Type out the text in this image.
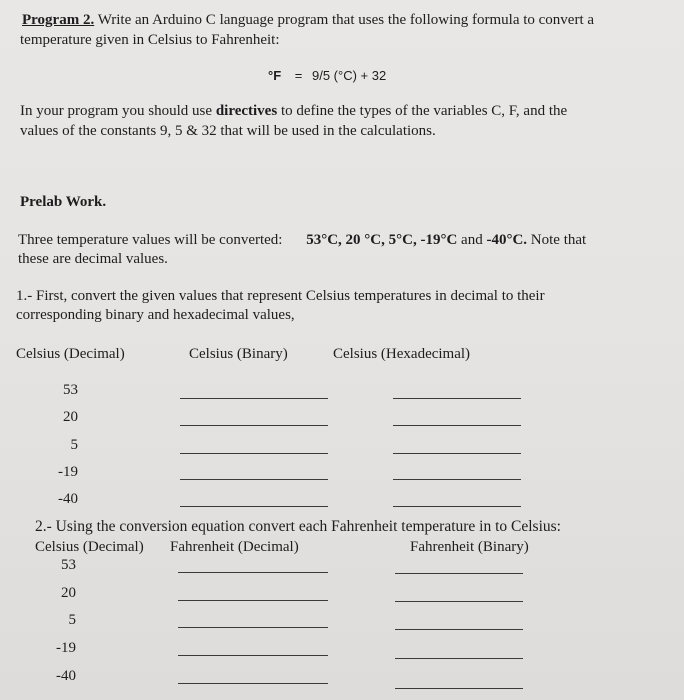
Program 2. Write an Arduino C language program that uses the following formula to convert a
temperature given in Celsius to Fahrenheit:
°F = 9/5 (°C) + 32
In your program you should use directives to define the types of the variables C, F, and the
values of the constants 9, 5 & 32 that will be used in the calculations.
Prelab Work.
Three temperature values will be converted: 53°C, 20 °C, 5°C, -19°C and -40°C. Note that
these are decimal values.
1.- First, convert the given values that represent Celsius temperatures in decimal to their
corresponding binary and hexadecimal values,
Celsius (Decimal)	Celsius (Binary)	Celsius (Hexadecimal)
53
20
5
-19
-40
2.- Using the conversion equation convert each Fahrenheit temperature in to Celsius:
Celsius (Decimal) Fahrenheit (Decimal)	Fahrenheit (Binary)
53
20
5
-19
-40
